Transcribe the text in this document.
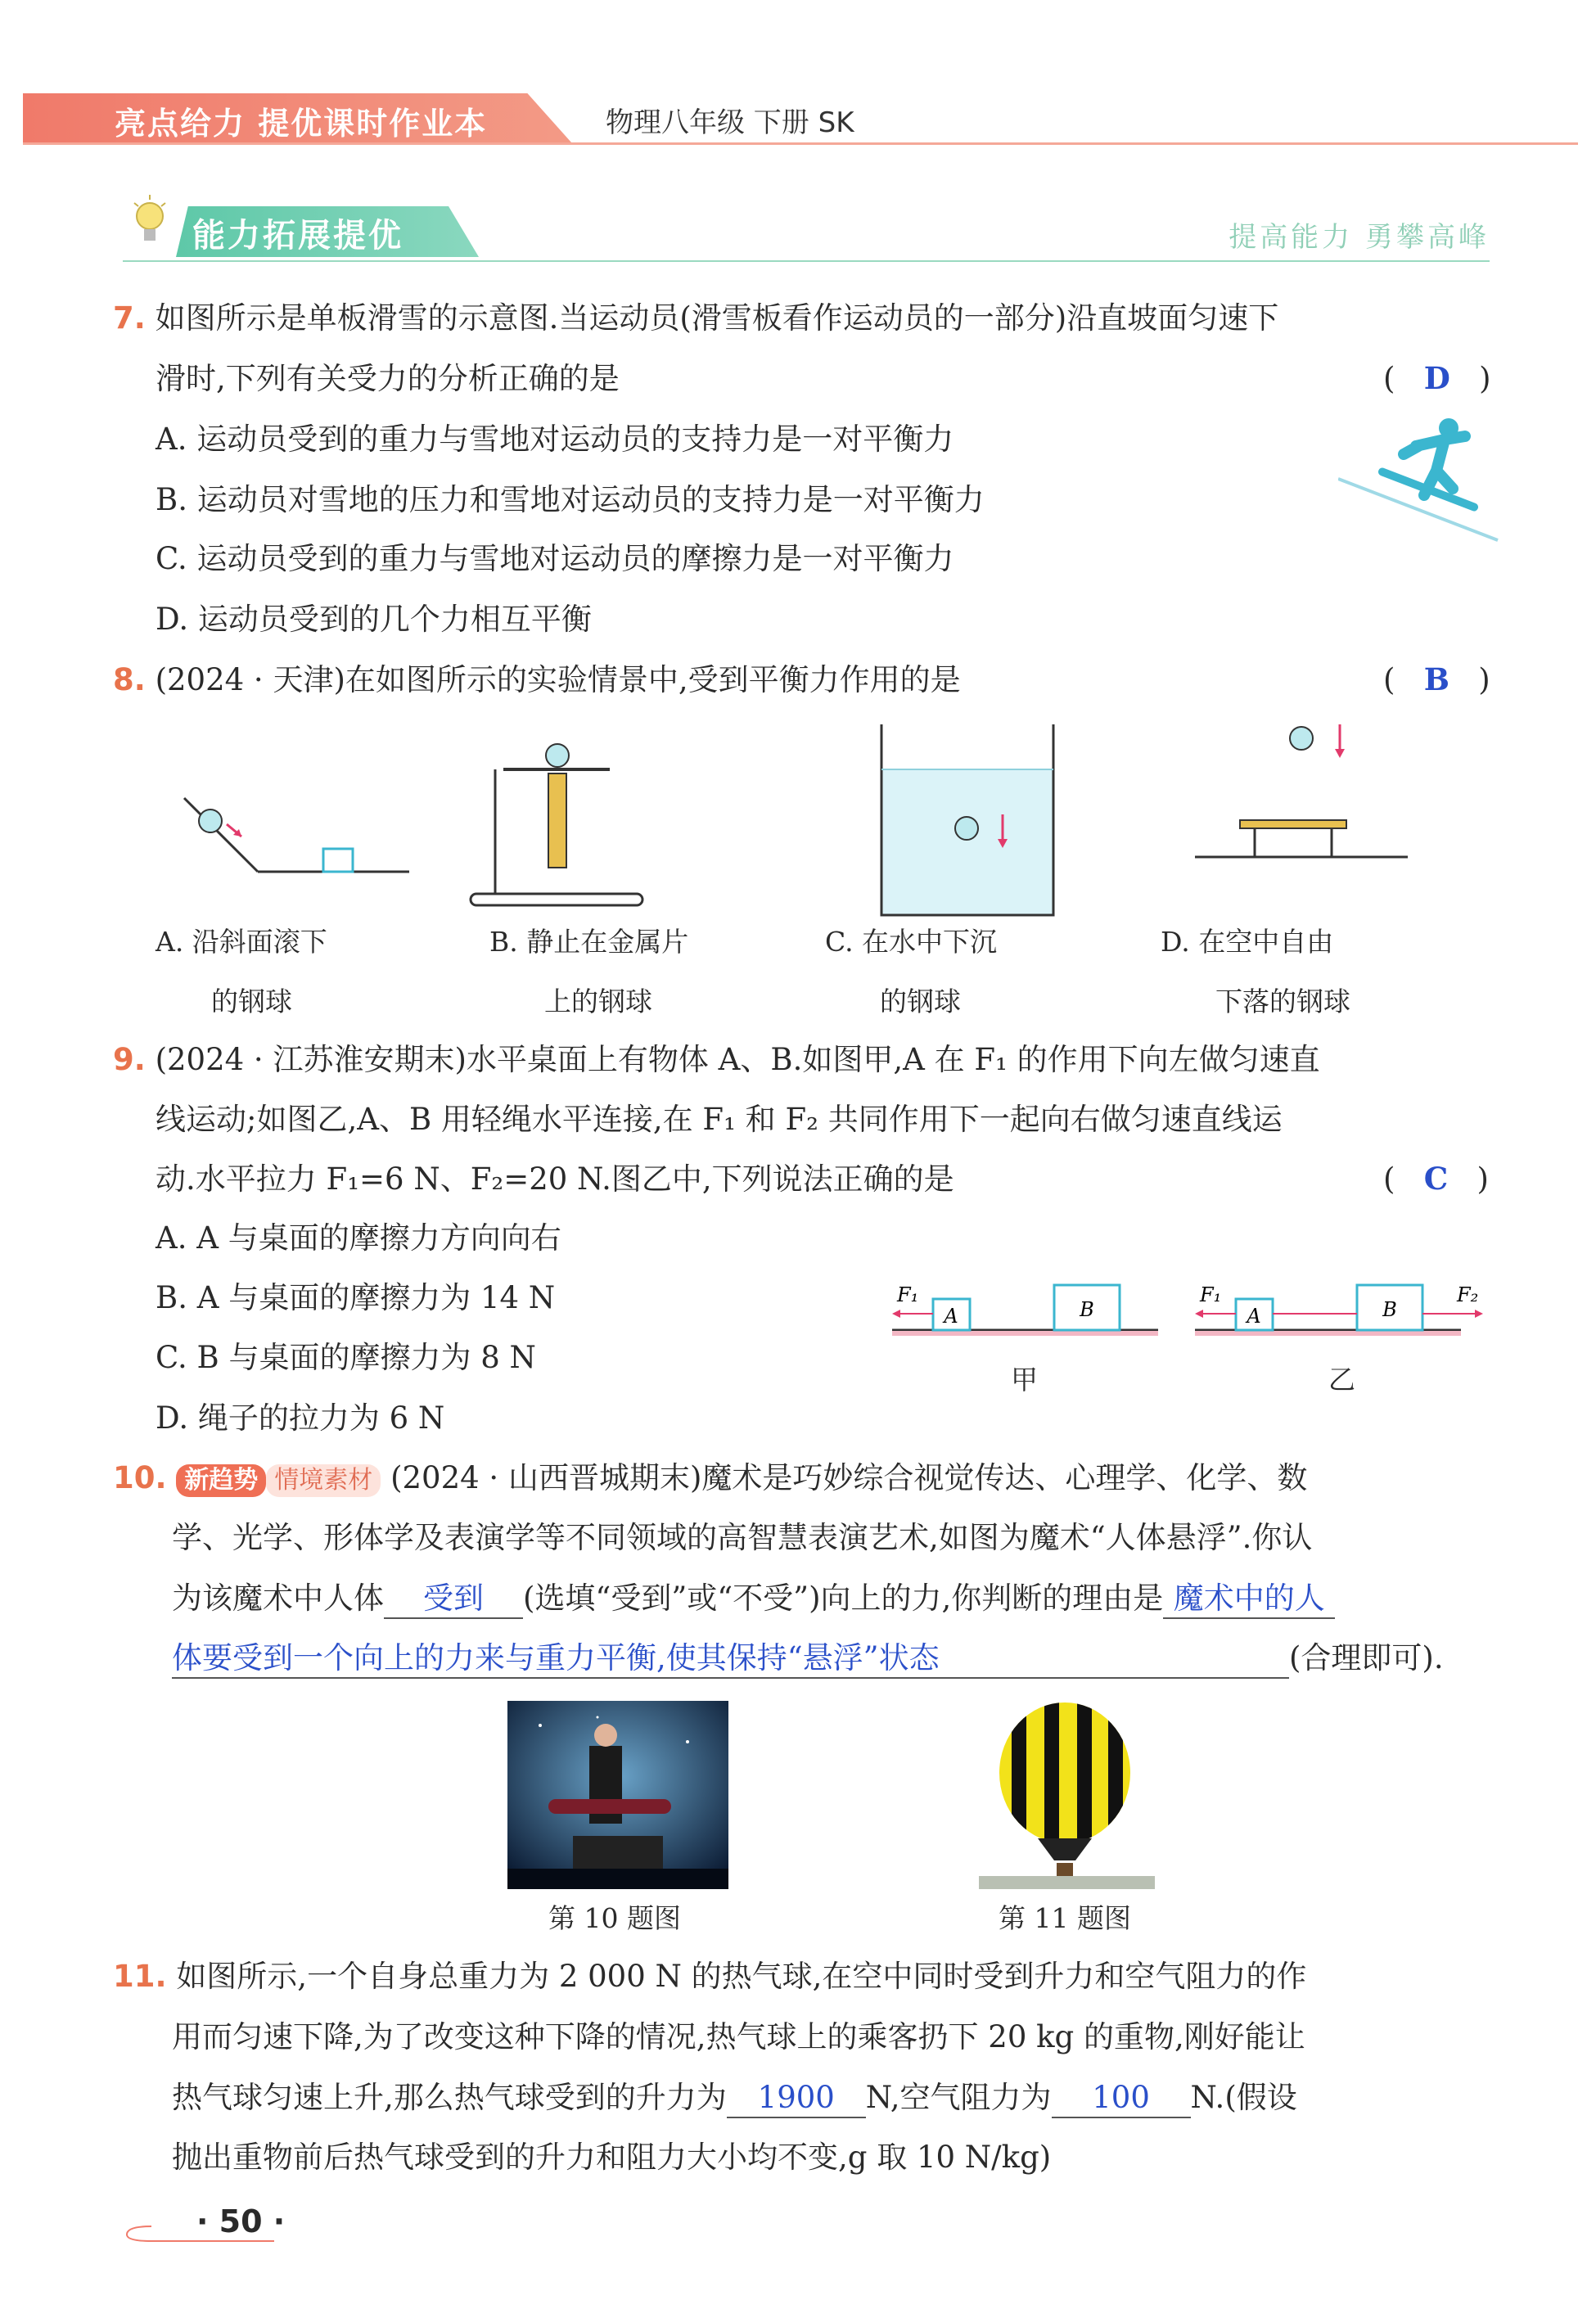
亮点给力 提优课时作业本	物理八年级 下册 SK
能力拓展提优	提高能力 勇攀高峰
7. 如图所示是单板滑雪的示意图.当运动员(滑雪板看作运动员的一部分)沿直坡面匀速下
滑时,下列有关受力的分析正确的是	(   D   )
A. 运动员受到的重力与雪地对运动员的支持力是一对平衡力
B. 运动员对雪地的压力和雪地对运动员的支持力是一对平衡力
C. 运动员受到的重力与雪地对运动员的摩擦力是一对平衡力
D. 运动员受到的几个力相互平衡
8. (2024 · 天津)在如图所示的实验情景中,受到平衡力作用的是	(   B   )
A. 沿斜面滚下
的钢球
B. 静止在金属片
上的钢球
C. 在水中下沉
的钢球
D. 在空中自由
下落的钢球
9. (2024 · 江苏淮安期末)水平桌面上有物体 A、B.如图甲,A 在 F₁ 的作用下向左做匀速直
线运动;如图乙,A、B 用轻绳水平连接,在 F₁ 和 F₂ 共同作用下一起向右做匀速直线运
动.水平拉力 F₁=6 N、F₂=20 N.图乙中,下列说法正确的是	(   C   )
A. A 与桌面的摩擦力方向向右
B. A 与桌面的摩擦力为 14 N
C. B 与桌面的摩擦力为 8 N
D. 绳子的拉力为 6 N
A	B
F₁
A	B
F₁	F₂
甲	乙
10. 新趋势 情境素材 (2024 · 山西晋城期末)魔术是巧妙综合视觉传达、心理学、化学、数
学、光学、形体学及表演学等不同领域的高智慧表演艺术,如图为魔术“人体悬浮”.你认
为该魔术中人体 受到 (选填“受到”或“不受”)向上的力,你判断的理由是 魔术中的人
体要受到一个向上的力来与重力平衡,使其保持“悬浮”状态	(合理即可).
第 10 题图	第 11 题图
11. 如图所示,一个自身总重力为 2 000 N 的热气球,在空中同时受到升力和空气阻力的作
用而匀速下降,为了改变这种下降的情况,热气球上的乘客扔下 20 kg 的重物,刚好能让
热气球匀速上升,那么热气球受到的升力为 1900 N,空气阻力为 100 N.(假设
抛出重物前后热气球受到的升力和阻力大小均不变,g 取 10 N/kg)
· 50 ·
